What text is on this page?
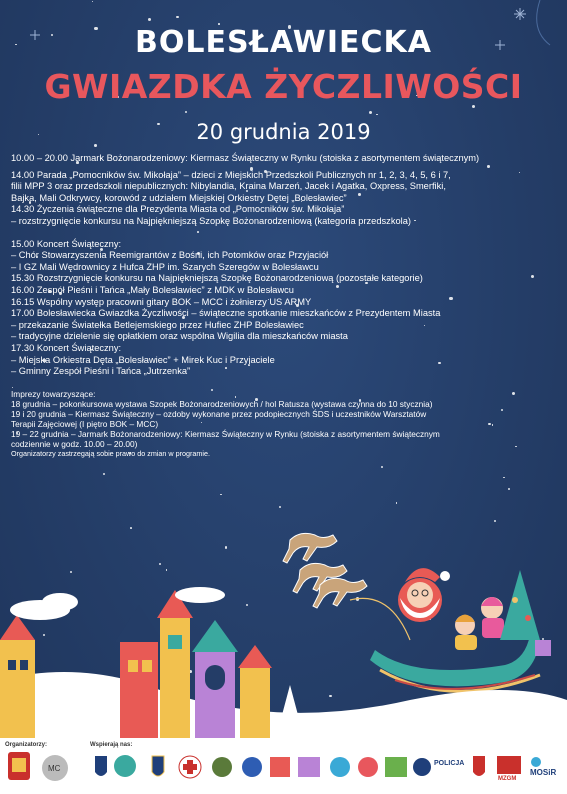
BOLESŁAWIECKA
GWIAZDKA ŻYCZLIWOŚCI
20 grudnia 2019
10.00 – 20.00 Jarmark Bożonarodzeniowy: Kiermasz Świąteczny w Rynku (stoiska z asortymentem świątecznym)
14.00 Parada „Pomocników św. Mikołaja” – dzieci z Miejskich Przedszkoli Publicznych nr 1, 2, 3, 4, 5, 6 i 7,
filii MPP 3 oraz przedszkoli niepublicznych: Nibylandia, Kraina Marzeń, Jacek i Agatka, Oxpress, Smerfiki,
Bajka, Mali Odkrywcy, korowód z udziałem Miejskiej Orkiestry Dętej „Bolesławiec”
14.30 Życzenia świąteczne dla Prezydenta Miasta od „Pomocników św. Mikołaja”
– rozstrzygnięcie konkursu na Najpiękniejszą Szopkę Bożonarodzeniową (kategoria przedszkola)
15.00 Koncert Świąteczny:
– Chór Stowarzyszenia Reemigrantów z Bośni, ich Potomków oraz Przyjaciół
– I GZ Mali Wędrownicy z Hufca ZHP im. Szarych Szeregów w Bolesławcu
15.30 Rozstrzygnięcie konkursu na Najpiękniejszą Szopkę Bożonarodzeniową (pozostałe kategorie)
16.00 Zespół Pieśni i Tańca „Mały Bolesławiec” z MDK w Bolesławcu
16.15 Wspólny występ pracowni gitary BOK – MCC i żołnierzy US ARMY
17.00 Bolesławiecka Gwiazdka Życzliwości – świąteczne spotkanie mieszkańców z Prezydentem Miasta
– przekazanie Światełka Betlejemskiego przez Hufiec ZHP Bolesławiec
– tradycyjne dzielenie się opłatkiem oraz wspólna Wigilia dla mieszkańców miasta
17.30 Koncert Świąteczny:
– Miejska Orkiestra Dęta „Bolesławiec” + Mirek Kuc i Przyjaciele
– Gminny Zespół Pieśni i Tańca „Jutrzenka”
Imprezy towarzyszące:
18 grudnia – pokonkursowa wystawa Szopek Bożonarodzeniowych / hol Ratusza (wystawa czynna do 10 stycznia)
19 i 20 grudnia – Kiermasz Świąteczny – ozdoby wykonane przez podopiecznych ŚDS i uczestników Warsztatów
Terapii Zajęciowej (I piętro BOK – MCC)
19 – 22 grudnia – Jarmark Bożonarodzeniowy: Kiermasz Świąteczny w Rynku (stoiska z asortymentem świątecznym
codziennie w godz. 10.00 – 20.00)
Organizatorzy zastrzegają sobie prawo do zmian w programie.
Organizatorzy:	Wspierają nas:
MC
POLICJA
MZGM
MOSiR
